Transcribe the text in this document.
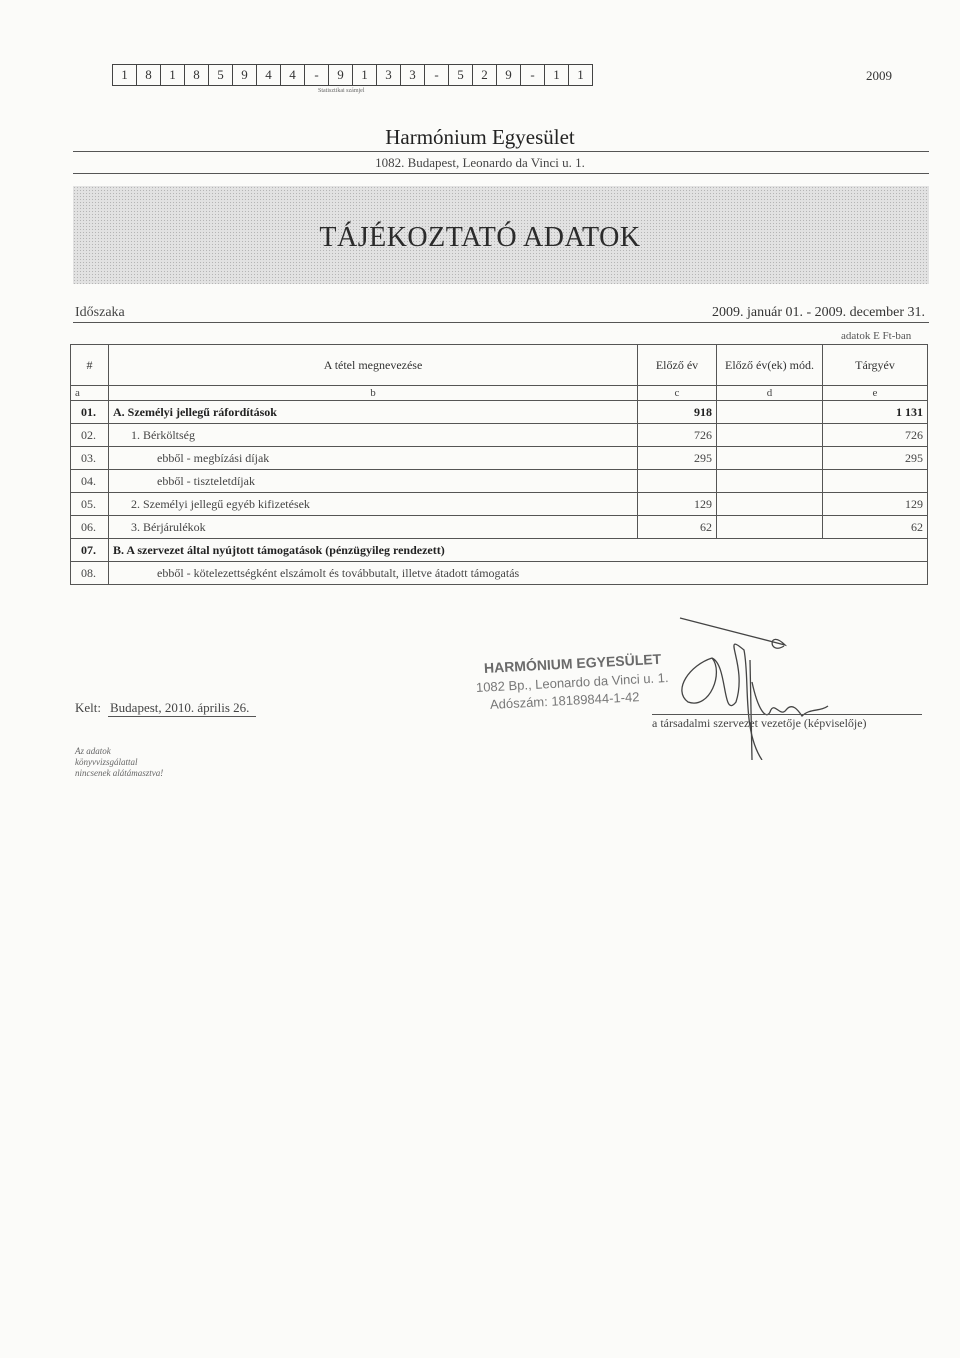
1	8	1	8	5	9	4	4	-	9	1	3	3	-	5	2	9	-	1	1
Statisztikai számjel
2009
Harmónium Egyesület
1082. Budapest, Leonardo da Vinci u. 1.
TÁJÉKOZTATÓ ADATOK
Időszaka	2009. január 01. - 2009. december 31.
adatok E Ft-ban
#	A tétel megnevezése	Előző év	Előző év(ek) mód.	Tárgyév
a	b	c	d	e
01.	A. Személyi jellegű ráfordítások	918		1 131
02.	1. Bérköltség	726		726
03.	ebből - megbízási díjak	295		295
04.	ebből - tiszteletdíjak			
05.	2. Személyi jellegű egyéb kifizetések	129		129
06.	3. Bérjárulékok	62		62
07.	B. A szervezet által nyújtott támogatások (pénzügyileg rendezett)			
08.	ebből - kötelezettségként elszámolt és továbbutalt, illetve átadott támogatás			
Kelt: Budapest, 2010. április 26.
HARMÓNIUM EGYESÜLET
1082 Bp., Leonardo da Vinci u. 1.
Adószám: 18189844-1-42
a társadalmi szervezet vezetője (képviselője)
Az adatok
könyvvizsgálattal
nincsenek alátámasztva!
